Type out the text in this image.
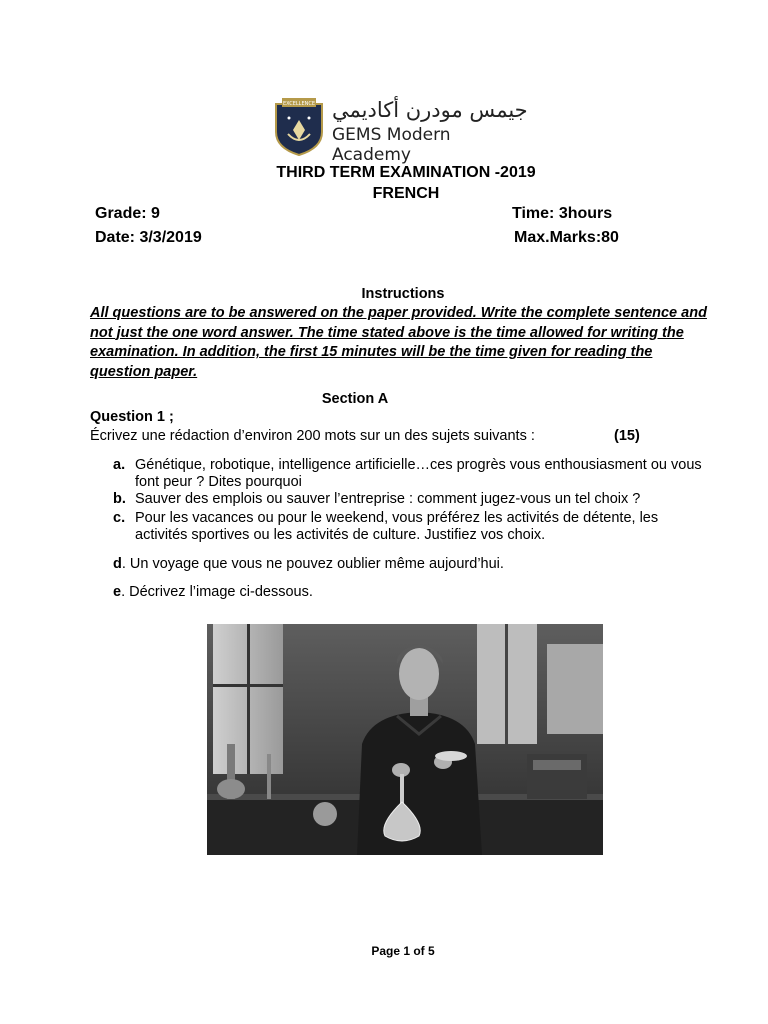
EXCELLENCE جيمس مودرن أكاديمي
GEMS Modern Academy
THIRD TERM EXAMINATION -2019
FRENCH
Grade: 9
Date: 3/3/2019
Time: 3hours
Max.Marks:80
Instructions
All questions are to be answered on the paper provided. Write the complete sentence and not just the one word answer. The time stated above is the time allowed for writing the examination. In addition, the first 15 minutes will be the time given for reading the question paper.
Section A
Question 1 ;
Écrivez une rédaction d’environ 200 mots sur un des sujets suivants :	(15)
a. Génétique, robotique, intelligence artificielle…ces progrès vous enthousiasment ou vous font peur ? Dites pourquoi
b. Sauver des emplois ou sauver l’entreprise : comment jugez-vous un tel choix ?
c. Pour les vacances ou pour le weekend, vous préférez les activités de détente, les activités sportives ou les activités de culture. Justifiez vos choix.
d. Un voyage que vous ne pouvez oublier même aujourd’hui.
e. Décrivez l’image ci-dessous.
Page 1 of 5
